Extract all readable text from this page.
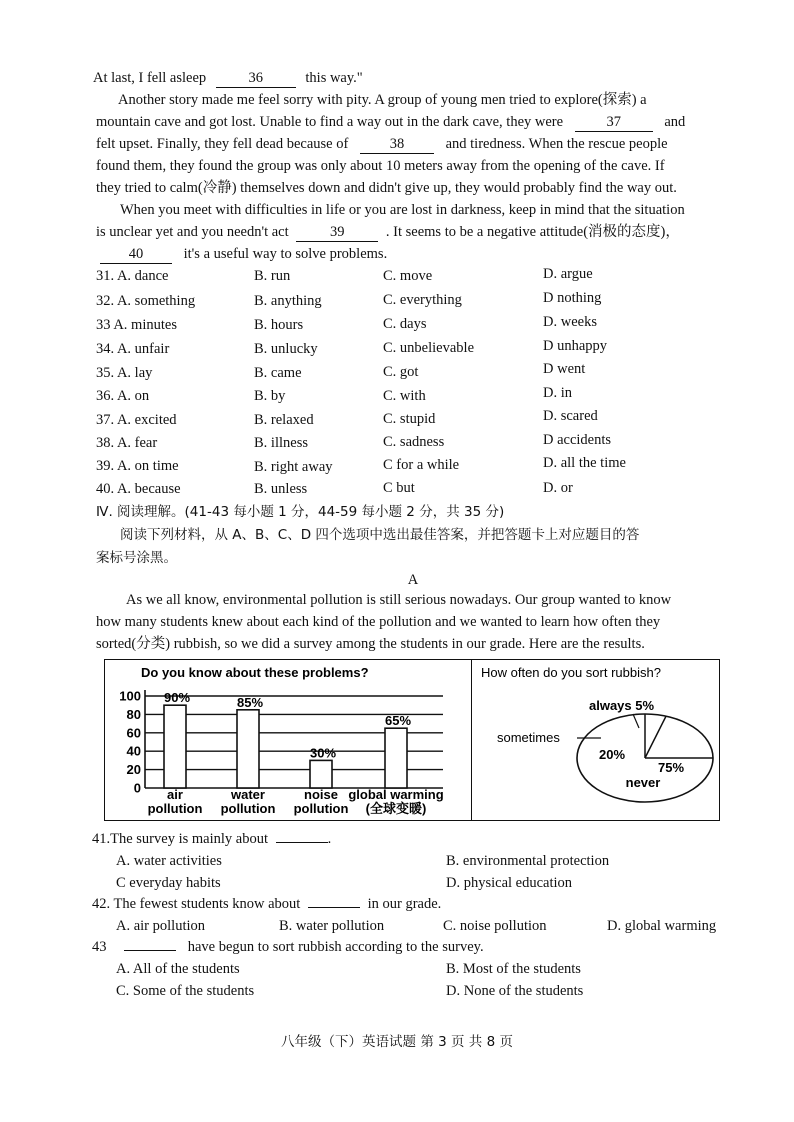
At last, I fell asleep	36	this way."
Another story made me feel sorry with pity. A group of young men tried to explore(探索) a
mountain cave and got lost. Unable to find a way out in the dark cave, they were	37	and
felt upset. Finally, they fell dead because of	38	and tiredness. When the rescue people
found them, they found the group was only about 10 meters away from the opening of the cave. If
they tried to calm(冷静) themselves down and didn't give up, they would probably find the way out.
When you meet with difficulties in life or you are lost in darkness, keep in mind that the situation
is unclear yet and you needn't act	39	. It seems to be a negative attitude(消极的态度)，
40	it's a useful way to solve problems.
31. A. dance	B. run	C. move	D. argue
32. A. something	B. anything	C. everything	D nothing
33 A. minutes	B. hours	C. days	D. weeks
34. A. unfair	B. unlucky	C. unbelievable	D unhappy
35. A. lay	B. came	C. got	D went
36. A. on	B. by	C. with	D. in
37. A. excited	B. relaxed	C. stupid	D. scared
38. A. fear	B. illness	C. sadness	D accidents
39. A. on time	B. right away	C for a while	D. all the time
40. A. because	B. unless	C but	D. or
Ⅳ. 阅读理解。(41-43 每小题 1 分，44-59 每小题 2 分，共 35 分)
阅读下列材料，从 A、B、C、D 四个选项中选出最佳答案，并把答题卡上对应题目的答
案标号涂黑。
A
As we all know, environmental pollution is still serious nowadays. Our group wanted to know
how many students knew about each kind of the pollution and we wanted to learn how often they
sorted(分类) rubbish, so we did a survey among the students in our grade. Here are the results.
Do you know about these problems?
100
80
60
40
20
0
90%
air
pollution
85%
water
pollution
30%
noise
pollution
65%
global warming
(全球变暖)
How often do you sort rubbish?
always 5%
sometimes
20%
75%
never
41.The survey is mainly about	.
A. water activities	B. environmental protection
C everyday habits	D. physical education
42. The fewest students know about	in our grade.
A. air pollution	B. water pollution	C. noise pollution	D. global warming
43	have begun to sort rubbish according to the survey.
A. All of the students	B. Most of the students
C. Some of the students	D. None of the students
八年级（下）英语试题 第 3 页 共 8 页
